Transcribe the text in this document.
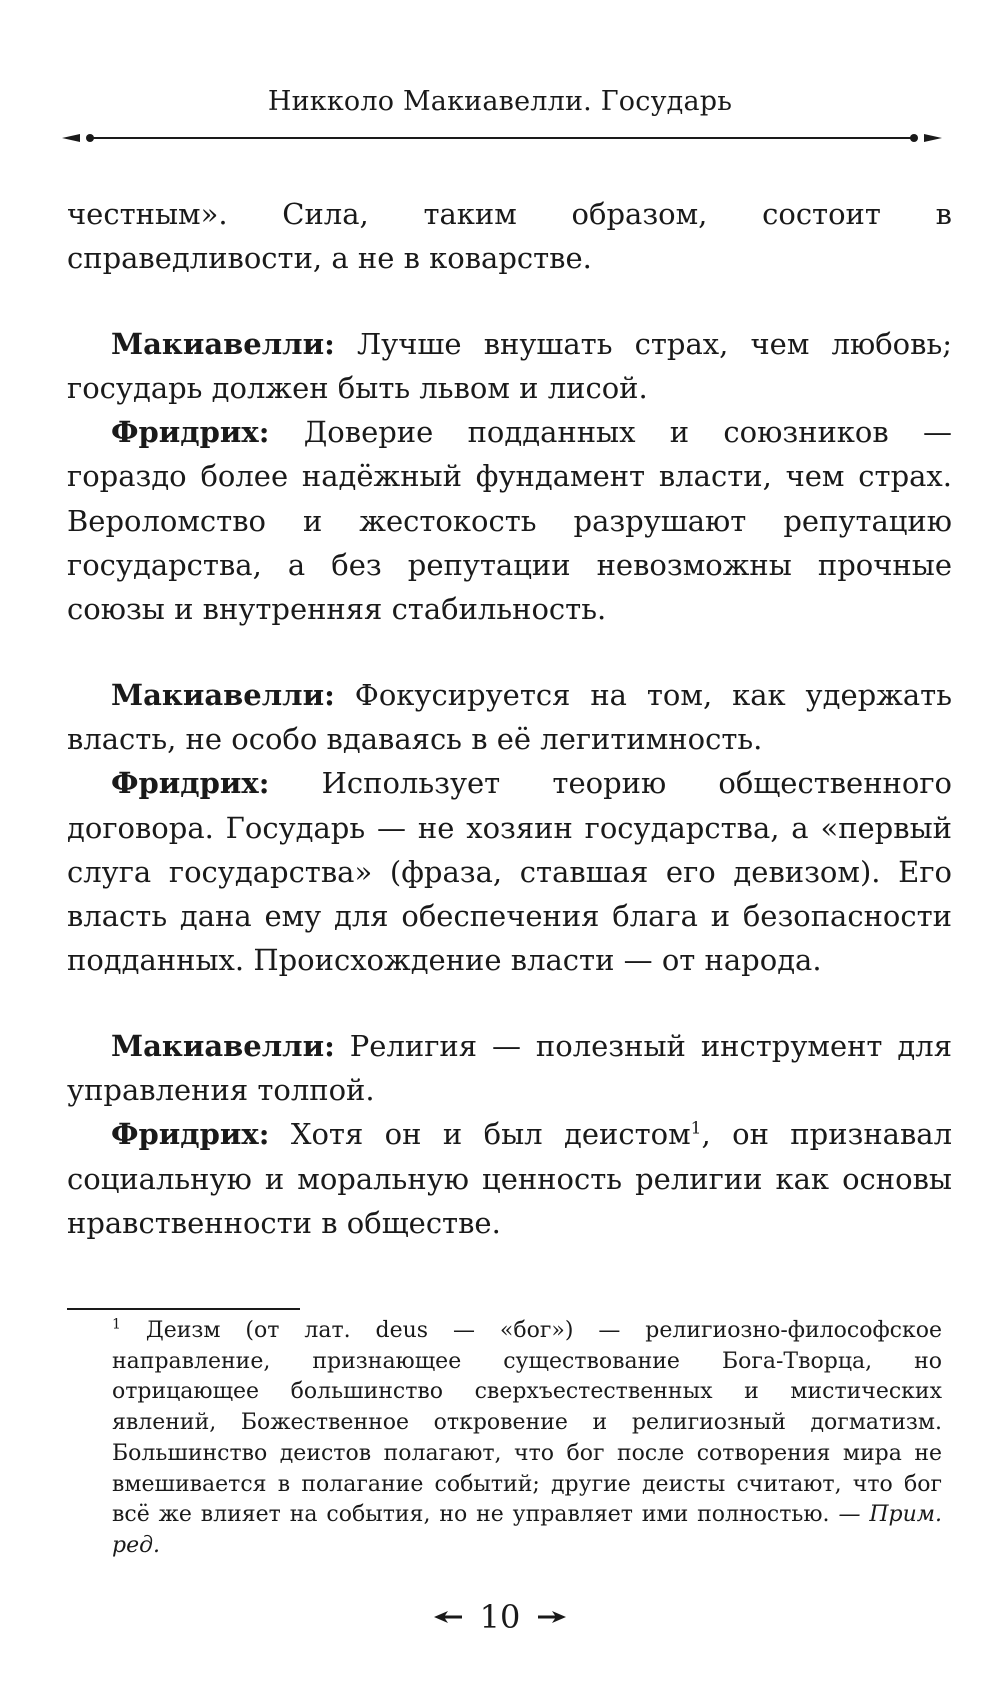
Никколо Макиавелли. Государь

честным». Сила, таким образом, состоит в справедливости, а не в коварстве.

Макиавелли: Лучше внушать страх, чем любовь; государь должен быть львом и лисой.

Фридрих: Доверие подданных и союзников — гораздо более надёжный фундамент власти, чем страх. Вероломство и жестокость разрушают репутацию государства, а без репутации невозможны прочные союзы и внутренняя стабильность.

Макиавелли: Фокусируется на том, как удержать власть, не особо вдаваясь в её легитимность.

Фридрих: Использует теорию общественного договора. Государь — не хозяин государства, а «первый слуга государства» (фраза, ставшая его девизом). Его власть дана ему для обеспечения блага и безопасности подданных. Происхождение власти — от народа.

Макиавелли: Религия — полезный инструмент для управления толпой.

Фридрих: Хотя он и был деистом$^1$, он признавал социальную и моральную ценность религии как основы нравственности в обществе.

$^1$ Деизм (от лат. deus — «бог») — религиозно-философское направление, признающее существование Бога-Творца, но отрицающее большинство сверхъестественных и мистических явлений, Божественное откровение и религиозный догматизм. Большинство деистов полагают, что бог после сотворения мира не вмешивается в полагание событий; другие деисты считают, что бог всё же влияет на события, но не управляет ими полностью. — Прим. ред.

10
